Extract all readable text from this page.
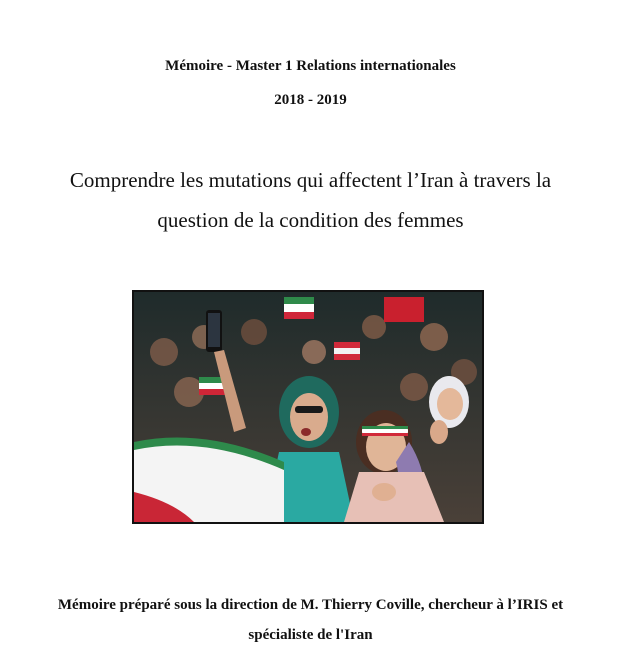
Mémoire - Master 1 Relations internationales
2018 - 2019
Comprendre les mutations qui affectent l’Iran à travers la
question de la condition des femmes
Mémoire préparé sous la direction de M. Thierry Coville, chercheur à l’IRIS et
spécialiste de l'Iran
